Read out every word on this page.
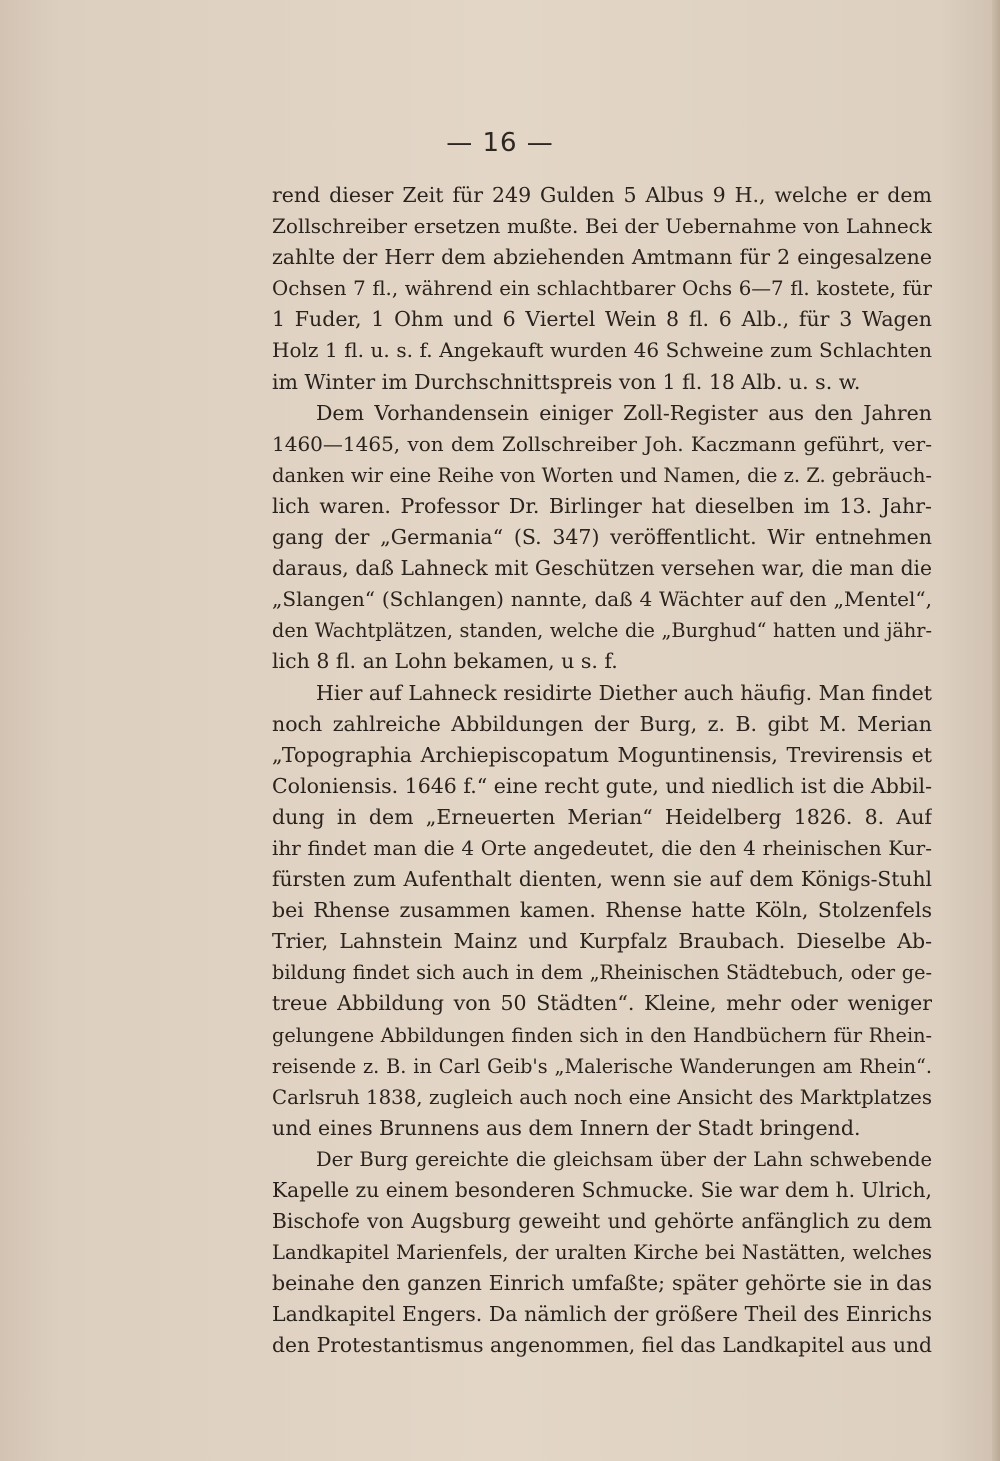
— 16 —

rend dieser Zeit für 249 Gulden 5 Albus 9 H., welche er dem
Zollschreiber ersetzen mußte. Bei der Uebernahme von Lahneck
zahlte der Herr dem abziehenden Amtmann für 2 eingesalzene
Ochsen 7 fl., während ein schlachtbarer Ochs 6—7 fl. kostete, für
1 Fuder, 1 Ohm und 6 Viertel Wein 8 fl. 6 Alb., für 3 Wagen
Holz 1 fl. u. s. f. Angekauft wurden 46 Schweine zum Schlachten
im Winter im Durchschnittspreis von 1 fl. 18 Alb. u. s. w.

Dem Vorhandensein einiger Zoll-Register aus den Jahren
1460—1465, von dem Zollschreiber Joh. Kaczmann geführt, ver-
danken wir eine Reihe von Worten und Namen, die z. Z. gebräuch-
lich waren. Professor Dr. Birlinger hat dieselben im 13. Jahr-
gang der „Germania“ (S. 347) veröffentlicht. Wir entnehmen
daraus, daß Lahneck mit Geschützen versehen war, die man die
„Slangen“ (Schlangen) nannte, daß 4 Wächter auf den „Mentel“,
den Wachtplätzen, standen, welche die „Burghud“ hatten und jähr-
lich 8 fl. an Lohn bekamen, u s. f.

Hier auf Lahneck residirte Diether auch häufig. Man findet
noch zahlreiche Abbildungen der Burg, z. B. gibt M. Merian
„Topographia Archiepiscopatum Moguntinensis, Trevirensis et
Coloniensis. 1646 f.“ eine recht gute, und niedlich ist die Abbil-
dung in dem „Erneuerten Merian“ Heidelberg 1826. 8. Auf
ihr findet man die 4 Orte angedeutet, die den 4 rheinischen Kur-
fürsten zum Aufenthalt dienten, wenn sie auf dem Königs-Stuhl
bei Rhense zusammen kamen. Rhense hatte Köln, Stolzenfels
Trier, Lahnstein Mainz und Kurpfalz Braubach. Dieselbe Ab-
bildung findet sich auch in dem „Rheinischen Städtebuch, oder ge-
treue Abbildung von 50 Städten“. Kleine, mehr oder weniger
gelungene Abbildungen finden sich in den Handbüchern für Rhein-
reisende z. B. in Carl Geib's „Malerische Wanderungen am Rhein“.
Carlsruh 1838, zugleich auch noch eine Ansicht des Marktplatzes
und eines Brunnens aus dem Innern der Stadt bringend.

Der Burg gereichte die gleichsam über der Lahn schwebende
Kapelle zu einem besonderen Schmucke. Sie war dem h. Ulrich,
Bischofe von Augsburg geweiht und gehörte anfänglich zu dem
Landkapitel Marienfels, der uralten Kirche bei Nastätten, welches
beinahe den ganzen Einrich umfaßte; später gehörte sie in das
Landkapitel Engers. Da nämlich der größere Theil des Einrichs
den Protestantismus angenommen, fiel das Landkapitel aus und
